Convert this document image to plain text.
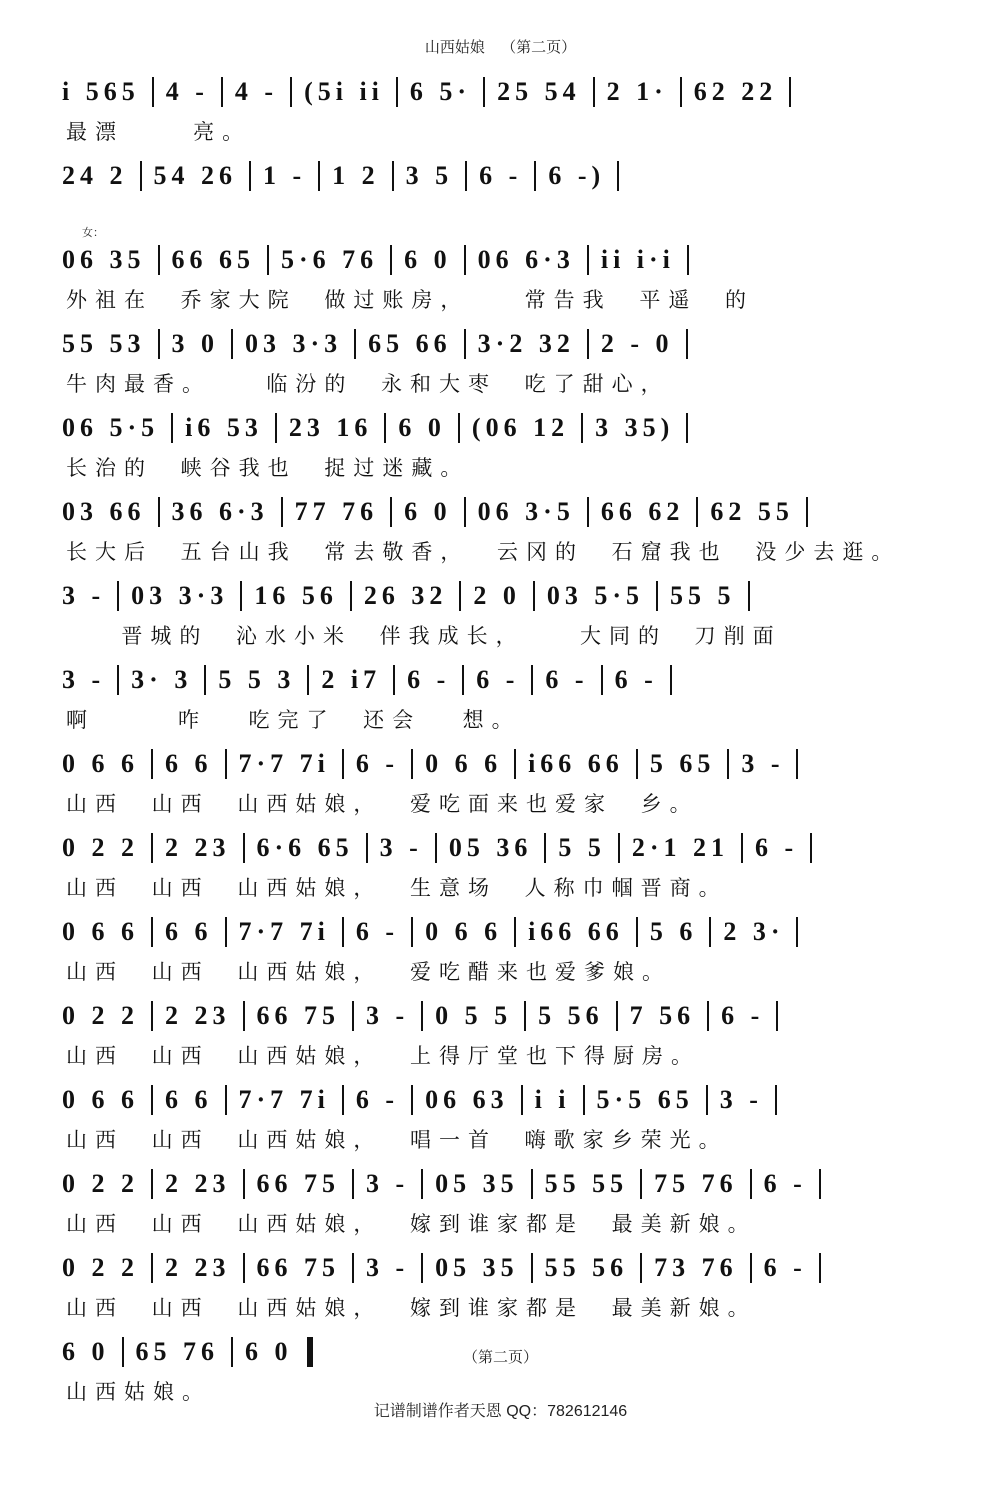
山西姑娘 （第二页）
i 565	4 -	4 -	(5i ii	6 5·	25 54	2 1·	62 22
最漂     亮。
24 2	54 26	1 -	1 2	3 5	6 -	6 -)
女：
06 35	66 65	5·6 76	6 0	06 6·3	ii i·i
外祖在  乔家大院  做过账房，    常告我  平遥  的
55 53	3 0	03 3·3	65 66	3·2 32	2 - 0
牛肉最香。    临汾的  永和大枣  吃了甜心，
06 5·5	i6 53	23 16	6 0	(06 12	3 35)
长治的  峡谷我也  捉过迷藏。
03 66	36 6·3	77 76	6 0	06 3·5	66 62	62 55
长大后  五台山我  常去敬香，  云冈的  石窟我也  没少去逛。
3 -	03 3·3	16 56	26 32	2 0	03 5·5	55 5
晋城的  沁水小米  伴我成长，    大同的  刀削面
3 -	3· 3	5 5 3	2 i7	6 -	6 -	6 -	6 -
啊      咋   吃完了  还会   想。
0 6 6	6 6	7·7 7i	6 -	0 6 6	i66 66	5 65	3 -
山西  山西  山西姑娘，  爱吃面来也爱家  乡。
0 2 2	2 23	6·6 65	3 -	05 36	5 5	2·1 21	6 -
山西  山西  山西姑娘，  生意场  人称巾帼晋商。
0 6 6	6 6	7·7 7i	6 -	0 6 6	i66 66	5 6	2 3·
山西  山西  山西姑娘，  爱吃醋来也爱爹娘。
0 2 2	2 23	66 75	3 -	0 5 5	5 56	7 56	6 -
山西  山西  山西姑娘，  上得厅堂也下得厨房。
0 6 6	6 6	7·7 7i	6 -	06 63	i i	5·5 65	3 -
山西  山西  山西姑娘，  唱一首  嗨歌家乡荣光。
0 2 2	2 23	66 75	3 -	05 35	55 55	75 76	6 -
山西  山西  山西姑娘，  嫁到谁家都是  最美新娘。
0 2 2	2 23	66 75	3 -	05 35	55 56	73 76	6 -
山西  山西  山西姑娘，  嫁到谁家都是  最美新娘。
6 0	65 76	6 0
山西姑娘。
（第二页）
记谱制谱作者天恩 QQ：782612146
